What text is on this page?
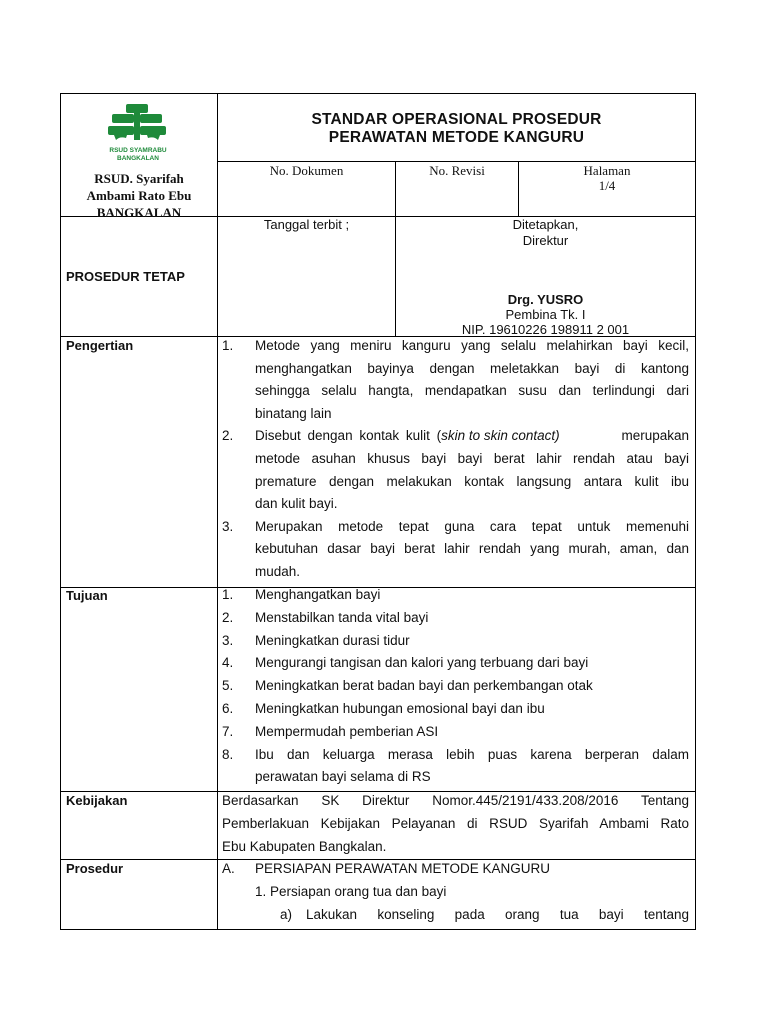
RSUD SYAMRABU
BANGKALAN
RSUD. Syarifah
Ambami Rato Ebu
BANGKALAN
STANDAR OPERASIONAL PROSEDUR
PERAWATAN METODE KANGURU
No. Dokumen	No. Revisi	Halaman
1/4
PROSEDUR TETAP
Tanggal terbit ;	Ditetapkan,
Direktur
Drg. YUSRO
Pembina Tk. I
NIP. 19610226 198911 2 001
Pengertian	1.	Metode yang meniru kanguru yang selalu melahirkan bayi kecil,
menghangatkan bayinya dengan meletakkan bayi di kantong
sehingga selalu hangta, mendapatkan susu dan terlindungi dari
binatang lain
2.	Disebut dengan kontak kulit (skin to skin contact)	merupakan
metode asuhan khusus bayi bayi berat lahir rendah atau bayi
premature dengan melakukan kontak langsung antara kulit ibu
dan kulit bayi.
3.	Merupakan metode tepat guna cara tepat untuk memenuhi
kebutuhan dasar bayi berat lahir rendah yang murah, aman, dan
mudah.
Tujuan	1.	Menghangatkan bayi
2.	Menstabilkan tanda vital bayi
3.	Meningkatkan durasi tidur
4.	Mengurangi tangisan dan kalori yang terbuang dari bayi
5.	Meningkatkan berat badan bayi dan perkembangan otak
6.	Meningkatkan hubungan emosional bayi dan ibu
7.	Mempermudah pemberian ASI
8.	Ibu dan keluarga merasa lebih puas karena berperan dalam
perawatan bayi selama di RS
Kebijakan	Berdasarkan SK Direktur Nomor.445/2191/433.208/2016 Tentang
Pemberlakuan Kebijakan Pelayanan di RSUD Syarifah Ambami Rato
Ebu Kabupaten Bangkalan.
Prosedur	A.	PERSIAPAN PERAWATAN METODE KANGURU
1. Persiapan orang tua dan bayi
a)	Lakukan konseling pada orang tua bayi tentang
